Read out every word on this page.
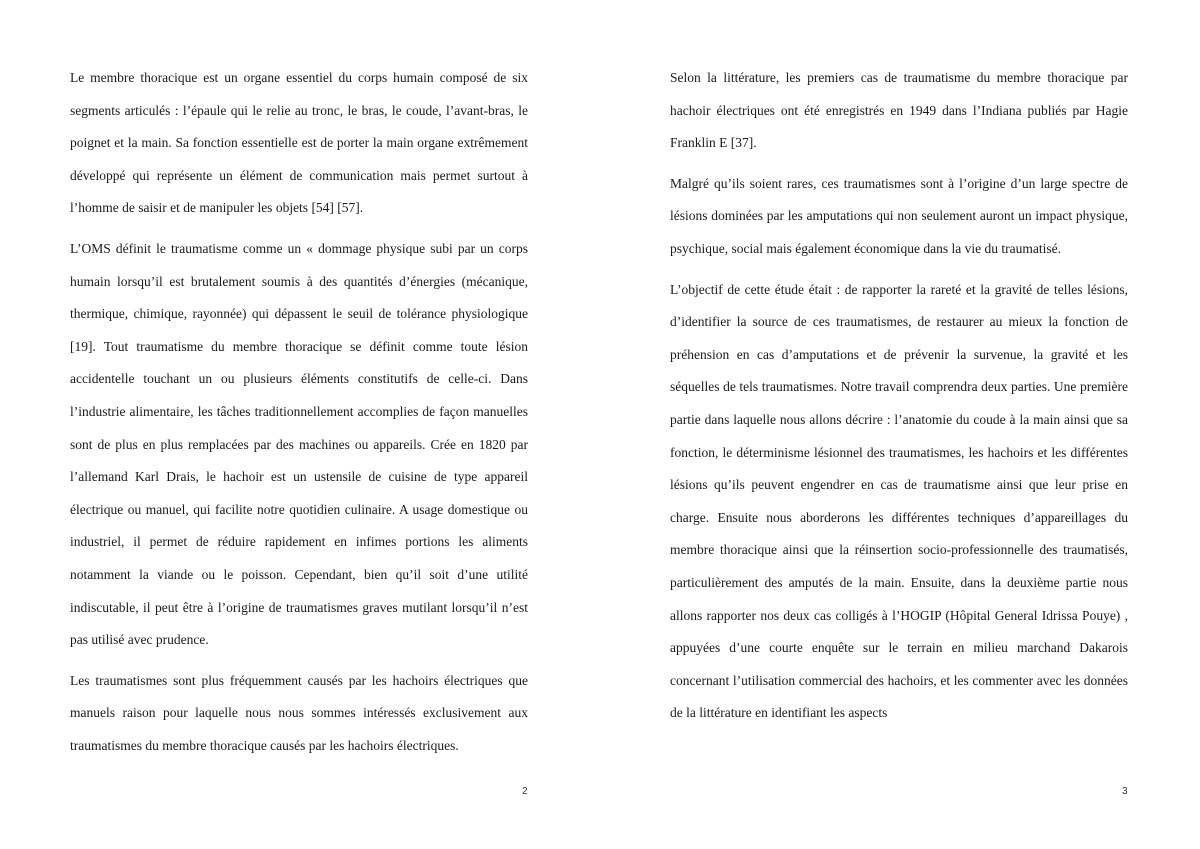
Le membre thoracique est un organe essentiel du corps humain composé de six segments articulés : l’épaule qui le relie au tronc, le bras, le coude, l’avant-bras, le poignet et la main. Sa fonction essentielle est de porter la main organe extrêmement développé qui représente un élément de communication mais permet surtout à l’homme de saisir et de manipuler les objets [54] [57].

L’OMS définit le traumatisme comme un « dommage physique subi par un corps humain lorsqu’il est brutalement soumis à des quantités d’énergies (mécanique, thermique, chimique, rayonnée) qui dépassent le seuil de tolérance physiologique [19]. Tout traumatisme du membre thoracique se définit comme toute lésion accidentelle touchant un ou plusieurs éléments constitutifs de celle-ci. Dans l’industrie alimentaire, les tâches traditionnellement accomplies de façon manuelles sont de plus en plus remplacées par des machines ou appareils. Crée en 1820 par l’allemand Karl Drais, le hachoir est un ustensile de cuisine de type appareil électrique ou manuel, qui facilite notre quotidien culinaire. A usage domestique ou industriel, il permet de réduire rapidement en infimes portions les aliments notamment la viande ou le poisson. Cependant, bien qu’il soit d’une utilité indiscutable, il peut être à l’origine de traumatismes graves mutilant lorsqu’il n’est pas utilisé avec prudence.

Les traumatismes sont plus fréquemment causés par les hachoirs électriques que manuels raison pour laquelle nous nous sommes intéressés exclusivement aux traumatismes du membre thoracique causés par les hachoirs électriques.

2

Selon la littérature, les premiers cas de traumatisme du membre thoracique par hachoir électriques ont été enregistrés en 1949 dans l’Indiana publiés par Hagie Franklin E [37].

Malgré qu’ils soient rares, ces traumatismes sont à l’origine d’un large spectre de lésions dominées par les amputations qui non seulement auront un impact physique, psychique, social mais également économique dans la vie du traumatisé.

L’objectif de cette étude était : de rapporter la rareté et la gravité de telles lésions, d’identifier la source de ces traumatismes, de restaurer au mieux la fonction de préhension en cas d’amputations et de prévenir la survenue, la gravité et les séquelles de tels traumatismes. Notre travail comprendra deux parties. Une première partie dans laquelle nous allons décrire : l’anatomie du coude à la main ainsi que sa fonction, le déterminisme lésionnel des traumatismes, les hachoirs et les différentes lésions qu’ils peuvent engendrer en cas de traumatisme ainsi que leur prise en charge. Ensuite nous aborderons les différentes techniques d’appareillages du membre thoracique ainsi que la réinsertion socio-professionnelle des traumatisés, particulièrement des amputés de la main. Ensuite, dans la deuxième partie nous allons rapporter nos deux cas colligés à l’HOGIP (Hôpital General Idrissa Pouye) , appuyées d’une courte enquête sur le terrain en milieu marchand Dakarois concernant l’utilisation commercial des hachoirs, et les commenter avec les données de la littérature en identifiant les aspects

3
